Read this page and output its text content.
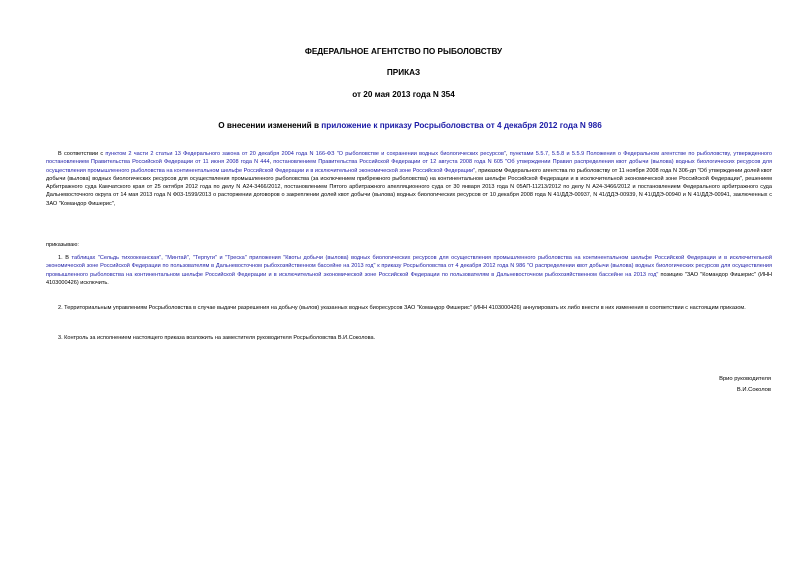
ФЕДЕРАЛЬНОЕ АГЕНТСТВО ПО РЫБОЛОВСТВУ
ПРИКАЗ
от 20 мая 2013 года N 354
О внесении изменений в приложение к приказу Росрыболовства от 4 декабря 2012 года N 986
В соответствии с пунктом 2 части 2 статьи 13 Федерального закона от 20 декабря 2004 года N 166-ФЗ "О рыболовстве и сохранении водных биологических ресурсов", пунктами 5.5.7, 5.5.8 и 5.5.9 Положения о Федеральном агентстве по рыболовству, утвержденного постановлением Правительства Российской Федерации от 11 июня 2008 года N 444, постановлением Правительства Российской Федерации от 12 августа 2008 года N 605 "Об утверждении Правил распределения квот добычи (вылова) водных биологических ресурсов для осуществления промышленного рыболовства на континентальном шельфе Российской Федерации и в исключительной экономической зоне Российской Федерации", приказом Федерального агентства по рыболовству от 11 ноября 2008 года N 306-дп "Об утверждении долей квот добычи (вылова) водных биологических ресурсов для осуществления промышленного рыболовства (за исключением прибрежного рыболовства) на континентальном шельфе Российской Федерации и в исключительной экономической зоне Российской Федерации", решением Арбитражного суда Камчатского края от 25 октября 2012 года по делу N А24-3466/2012, постановлением Пятого арбитражного апелляционного суда от 30 января 2013 года N 05АП-11213/2012 по делу N А24-3466/2012 и постановлением Федерального арбитражного суда Дальневосточного округа от 14 мая 2013 года N Ф03-1599/2013 о расторжении договоров о закреплении долей квот добычи (вылова) водных биологических ресурсов от 10 декабря 2008 года N 41/ДДЭ-00937, N 41/ДДЭ-00939, N 41/ДДЭ-00940 и N 41/ДДЭ-00941, заключенных с ЗАО "Командор Фишерис",
приказываю:
1. В таблицах "Сельдь тихоокеанская", "Минтай", "Терпуги" и "Треска" приложения "Квоты добычи (вылова) водных биологических ресурсов для осуществления промышленного рыболовства на континентальном шельфе Российской Федерации и в исключительной экономической зоне Российской Федерации по пользователям в Дальневосточном рыбохозяйственном бассейне на 2013 год" к приказу Росрыболовства от 4 декабря 2012 года N 986 "О распределении квот добычи (вылова) водных биологических ресурсов для осуществления промышленного рыболовства на континентальном шельфе Российской Федерации и в исключительной экономической зоне Российской Федерации по пользователям в Дальневосточном рыбохозяйственном бассейне на 2013 год" позицию "ЗАО "Командор Фишерис" (ИНН 4103000426) исключить.
2. Территориальным управлениям Росрыболовства в случае выдачи разрешения на добычу (вылов) указанных водных биоресурсов ЗАО "Командор Фишерис" (ИНН 4103000426) аннулировать их либо внести в них изменения в соответствии с настоящим приказом.
3. Контроль за исполнением настоящего приказа возложить на заместителя руководителя Росрыболовства В.И.Соколова.
Врио руководителя
В.И.Соколов
